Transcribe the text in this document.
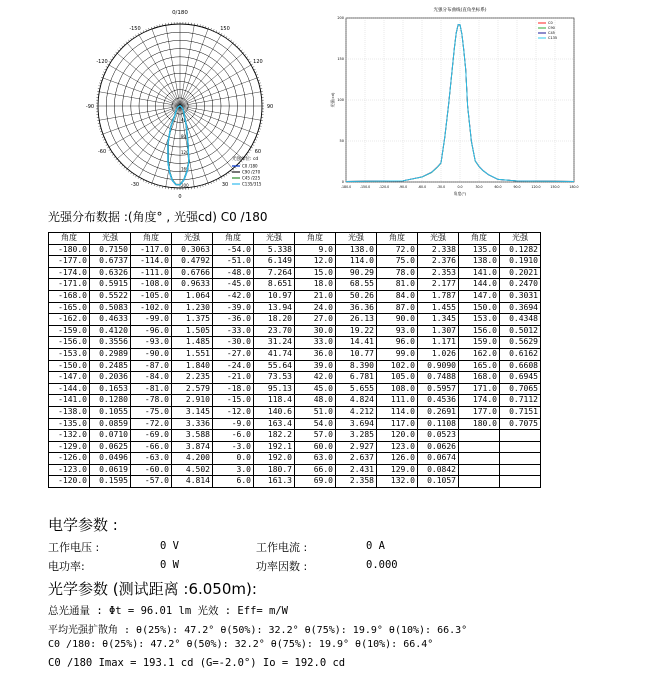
-150	150
-120	120
-90	90
-60	60
-30	30
0
0/180
40
80
120
160
200
光强单位: cd
C0 /180
C90 /270
C45 /225
C135/315
光强分布曲线(直角坐标系)
-180.0	-150.0	-120.0	-90.0	-60.0	-30.0	0.0	30.0	60.0	90.0	120.0	150.0	180.0
0
50
100
150
200
角度(°)
光强(cd)
C0
C90
C45
C135
光强分布数据 :(角度° , 光强cd) C0 /180
角度	光强	角度	光强	角度	光强	角度	光强	角度	光强	角度	光强
-180.0	0.7150	-117.0	0.3063	-54.0	5.338	9.0	138.0	72.0	2.338	135.0	0.1282
-177.0	0.6737	-114.0	0.4792	-51.0	6.149	12.0	114.0	75.0	2.376	138.0	0.1910
-174.0	0.6326	-111.0	0.6766	-48.0	7.264	15.0	90.29	78.0	2.353	141.0	0.2021
-171.0	0.5915	-108.0	0.9633	-45.0	8.651	18.0	68.55	81.0	2.177	144.0	0.2470
-168.0	0.5522	-105.0	1.064	-42.0	10.97	21.0	50.26	84.0	1.787	147.0	0.3031
-165.0	0.5083	-102.0	1.230	-39.0	13.94	24.0	36.36	87.0	1.455	150.0	0.3694
-162.0	0.4633	-99.0	1.375	-36.0	18.20	27.0	26.13	90.0	1.345	153.0	0.4348
-159.0	0.4120	-96.0	1.505	-33.0	23.70	30.0	19.22	93.0	1.307	156.0	0.5012
-156.0	0.3556	-93.0	1.485	-30.0	31.24	33.0	14.41	96.0	1.171	159.0	0.5629
-153.0	0.2989	-90.0	1.551	-27.0	41.74	36.0	10.77	99.0	1.026	162.0	0.6162
-150.0	0.2485	-87.0	1.840	-24.0	55.64	39.0	8.390	102.0	0.9090	165.0	0.6608
-147.0	0.2036	-84.0	2.235	-21.0	73.53	42.0	6.781	105.0	0.7488	168.0	0.6945
-144.0	0.1653	-81.0	2.579	-18.0	95.13	45.0	5.655	108.0	0.5957	171.0	0.7065
-141.0	0.1280	-78.0	2.910	-15.0	118.4	48.0	4.824	111.0	0.4536	174.0	0.7112
-138.0	0.1055	-75.0	3.145	-12.0	140.6	51.0	4.212	114.0	0.2691	177.0	0.7151
-135.0	0.0859	-72.0	3.336	-9.0	163.4	54.0	3.694	117.0	0.1108	180.0	0.7075
-132.0	0.0710	-69.0	3.588	-6.0	182.2	57.0	3.285	120.0	0.0523		
-129.0	0.0625	-66.0	3.874	-3.0	192.1	60.0	2.927	123.0	0.0626		
-126.0	0.0496	-63.0	4.200	0.0	192.0	63.0	2.637	126.0	0.0674		
-123.0	0.0619	-60.0	4.502	3.0	180.7	66.0	2.431	129.0	0.0842		
-120.0	0.1595	-57.0	4.814	6.0	161.3	69.0	2.358	132.0	0.1057		
电学参数 :
工作电压 :	0 V	工作电流 :	0 A
电功率:	0 W	功率因数 :	0.000
光学参数 (测试距离 :6.050m):
总光通量 : Φt = 96.01 lm 光效 : Eff= m/W
平均光强扩散角 : θ(25%): 47.2° θ(50%): 32.2° θ(75%): 19.9° θ(10%): 66.3°
C0 /180: θ(25%): 47.2° θ(50%): 32.2° θ(75%): 19.9° θ(10%): 66.4°
C0 /180 Imax = 193.1 cd (G=-2.0°) Io = 192.0 cd
